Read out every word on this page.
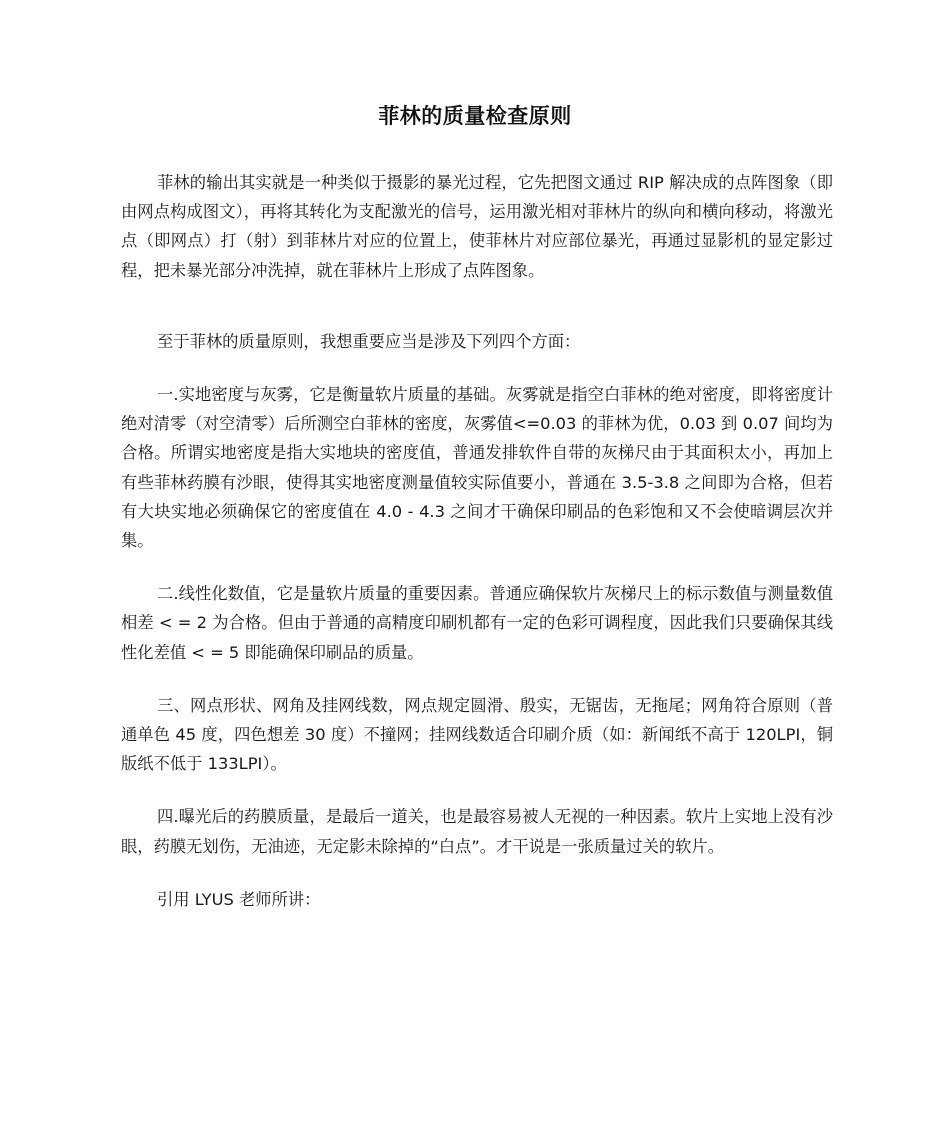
菲林的质量检查原则

菲林的输出其实就是一种类似于摄影的暴光过程，它先把图文通过 RIP 解决成的点阵图象（即由网点构成图文），再将其转化为支配激光的信号，运用激光相对菲林片的纵向和横向移动，将激光点（即网点）打（射）到菲林片对应的位置上，使菲林片对应部位暴光，再通过显影机的显定影过程，把未暴光部分冲洗掉，就在菲林片上形成了点阵图象。

至于菲林的质量原则，我想重要应当是涉及下列四个方面：

一.实地密度与灰雾，它是衡量软片质量的基础。灰雾就是指空白菲林的绝对密度，即将密度计绝对清零（对空清零）后所测空白菲林的密度，灰雾值<=0.03 的菲林为优，0.03 到 0.07 间均为合格。所谓实地密度是指大实地块的密度值，普通发排软件自带的灰梯尺由于其面积太小，再加上有些菲林药膜有沙眼，使得其实地密度测量值较实际值要小，普通在 3.5-3.8 之间即为合格，但若有大块实地必须确保它的密度值在 4.0 - 4.3 之间才干确保印刷品的色彩饱和又不会使暗调层次并集。

二.线性化数值，它是量软片质量的重要因素。普通应确保软片灰梯尺上的标示数值与测量数值相差 < = 2 为合格。但由于普通的高精度印刷机都有一定的色彩可调程度，因此我们只要确保其线性化差值 < = 5 即能确保印刷品的质量。

三、网点形状、网角及挂网线数，网点规定圆滑、殷实，无锯齿，无拖尾；网角符合原则（普通单色 45 度，四色想差 30 度）不撞网；挂网线数适合印刷介质（如：新闻纸不高于 120LPI，铜版纸不低于 133LPI）。

四.曝光后的药膜质量，是最后一道关，也是最容易被人无视的一种因素。软片上实地上没有沙眼，药膜无划伤，无油迹，无定影未除掉的“白点”。才干说是一张质量过关的软片。

引用 LYUS 老师所讲：
